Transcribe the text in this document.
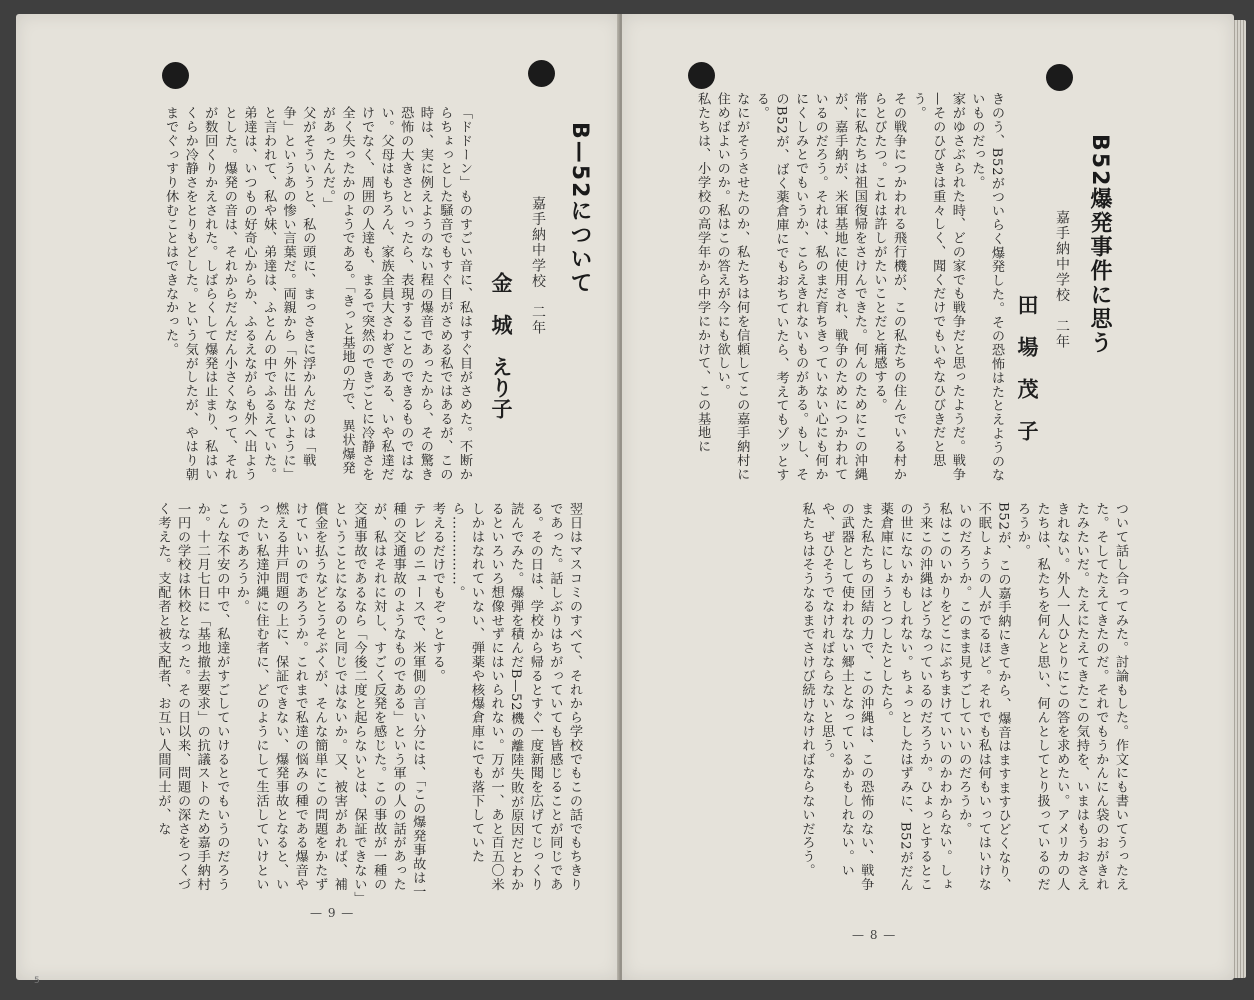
B—52について
嘉手納中学校　二年
金　城　えり子
「ドドーン」ものすごい音に、私はすぐ目がさめた。不断からちょっとした騒音でもすぐ目がさめる私ではあるが、この時は、実に例えようのない程の爆音であったから、その驚き恐怖の大きさといったら、表現することのできるものではない。父母はもちろん、家族全員大さわぎである、いや私達だけでなく、周囲の人達も、まるで突然のできごとに冷静さを全く失ったかのようである。「きっと基地の方で、異状爆発があったんだ。」
父がそういうと、私の頭に、まっさきに浮かんだのは「戦争」というあの惨い言葉だ。両親から「外に出ないように」と言われて、私や妹、弟達は、ふとんの中でふるえていた。弟達は、いつもの好奇心からか、ふるえながらも外へ出ようとした。爆発の音は、それからだんだん小さくなって、それが数回くりかえされた。しばらくして爆発は止まり、私はいくらか冷静さをとりもどした。という気がしたが、やはり朝までぐっすり休むことはできなかった。
翌日はマスコミのすべて、それから学校でもこの話でもちきりであった。話しぶりはちがっていても皆感じることが同じである。その日は、学校から帰るとすぐ一度新聞を広げてじっくり読んでみた。爆弾を積んだB—52機の離陸失敗が原因だとわかるといろいろ想像せずにはいられない。万が一、あと百五〇米しかはなれていない、弾薬や核爆倉庫にでも落下していたら……………。
考えるだけでもぞっとする。
テレビのニュースで、米軍側の言い分には、「この爆発事故は一種の交通事故のようなものである」という軍の人の話があったが、私はそれに対し、すごく反発を感じた。この事故が一種の交通事故であるなら「今後二度と起らないとは、保証できない」ということになるのと同じではないか。又、被害があれば、補償金を払うなどとうそぶくが、そんな簡単にこの問題をかたずけていいのであろうか。これまで私達の悩みの種である爆音や燃える井戸問題の上に、保証できない、爆発事故となると、いったい私達沖縄に住む者に、どのようにして生活していけというのであろうか。
こんな不安の中で、私達がすごしていけるとでもいうのだろうか。十二月七日に「基地撤去要求」の抗議ストのため嘉手納村一円の学校は休校となった。その日以来、問題の深さをつくづく考えた。支配者と被支配者、お互い人間同士が、な
— 9 —
5
B52爆発事件に思う
嘉手納中学校　二年
田　場　茂　子
きのう、B52がついらく爆発した。その恐怖はたとえようのないものだった。
家がゆさぶられた時、どの家でも戦争だと思ったようだ。戦争—そのひびきは重々しく、聞くだけでもいやなひびきだと思う。
その戦争につかわれる飛行機が、この私たちの住んでいる村からとびたつ。これは許しがたいことだと痛感する。
常に私たちは祖国復帰をさけんできた。何んのためにこの沖縄が、嘉手納が、米軍基地に使用され、戦争のためにつかわれているのだろう。それは、私のまだ育ちきっていない心にも何かにくしみとでもいうか、こらえきれないものがある。もし、そのB52が、ばく薬倉庫にでもおちていたら、考えてもゾッとする。
なにがそうさせたのか、私たちは何を信頼してこの嘉手納村に住めばよいのか。私はこの答えが今にも欲しい。
私たちは、小学校の高学年から中学にかけて、この基地に
ついて話し合ってみた。討論もした。作文にも書いてうったえた。そしてたえてきたのだ。それでもうかんにん袋のおがきれたみたいだ。たえにたえてきたこの気持を、いまはもうおさえきれない。外人一人ひとりにこの答を求めたい。アメリカの人たちは、私たちを何んと思い、何んとしてとり扱っているのだろうか。
B52が、この嘉手納にきてから、爆音はますますひどくなり、不眠しょうの人がでるほど。それでも私は何もいってはいけないのだろうか。このまま見すごしていいのだろうか。
私はこのいかりをどこにぶちまけていいのかわからない。しょう来この沖縄はどうなっているのだろうか。ひょっとするとこの世にないかもしれない。ちょっとしたはずみに、B52がだん薬倉庫にしょうとつしたとしたら。
また私たちの団結の力で、この沖縄は、この恐怖のない、戦争の武器として使われない郷土となっているかもしれない。いや、ぜひそうでなければならないと思う。
私たちはそうなるまでさけび続けなければならないだろう。
— 8 —
